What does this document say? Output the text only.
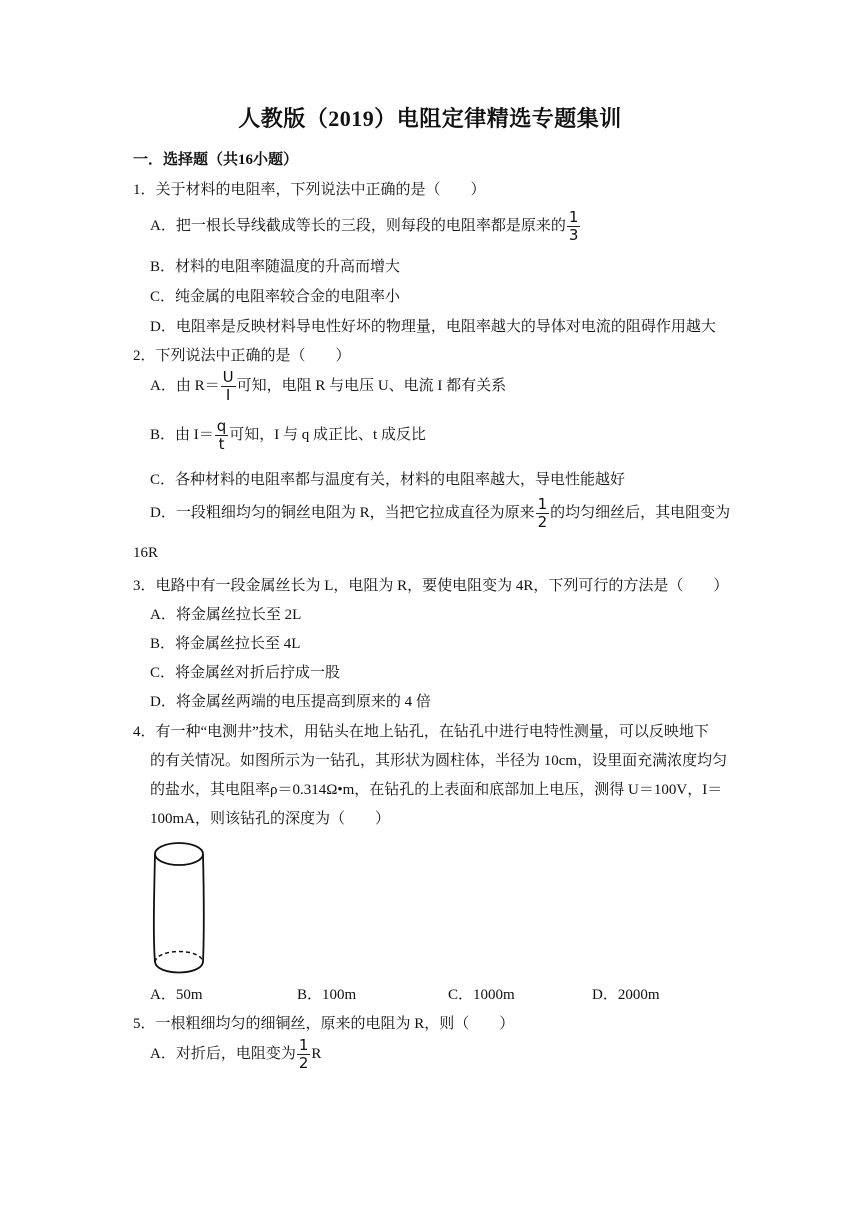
人教版（2019）电阻定律精选专题集训
一．选择题（共16小题）
1．关于材料的电阻率，下列说法中正确的是（　　）
A．把一根长导线截成等长的三段，则每段的电阻率都是原来的 $\frac{1}{3}$
B．材料的电阻率随温度的升高而增大
C．纯金属的电阻率较合金的电阻率小
D．电阻率是反映材料导电性好坏的物理量，电阻率越大的导体对电流的阻碍作用越大
2．下列说法中正确的是（　　）
A．由 $R= \frac{U}{I}$ 可知，电阻 R 与电压 U、电流 I 都有关系
B．由 $I= \frac{q}{t}$ 可知，I 与 q 成正比、t 成反比
C．各种材料的电阻率都与温度有关，材料的电阻率越大，导电性能越好
D．一段粗细均匀的铜丝电阻为 R，当把它拉成直径为原来 $\frac{1}{2}$ 的均匀细丝后，其电阻变为
16R
3．电路中有一段金属丝长为 L，电阻为 R，要使电阻变为 4R，下列可行的方法是（　　）
A．将金属丝拉长至 2L
B．将金属丝拉长至 4L
C．将金属丝对折后拧成一股
D．将金属丝两端的电压提高到原来的 4 倍
4．有一种“电测井”技术，用钻头在地上钻孔，在钻孔中进行电特性测量，可以反映地下
的有关情况。如图所示为一钻孔，其形状为圆柱体，半径为 10cm，设里面充满浓度均匀
的盐水，其电阻率ρ＝0.314Ω•m，在钻孔的上表面和底部加上电压，测得 U＝100V，I＝
100mA，则该钻孔的深度为（　　）
A．50m	B．100m	C．1000m	D．2000m
5．一根粗细均匀的细铜丝，原来的电阻为 R，则（　　）
A．对折后，电阻变为 $\frac{1}{2}$ R
